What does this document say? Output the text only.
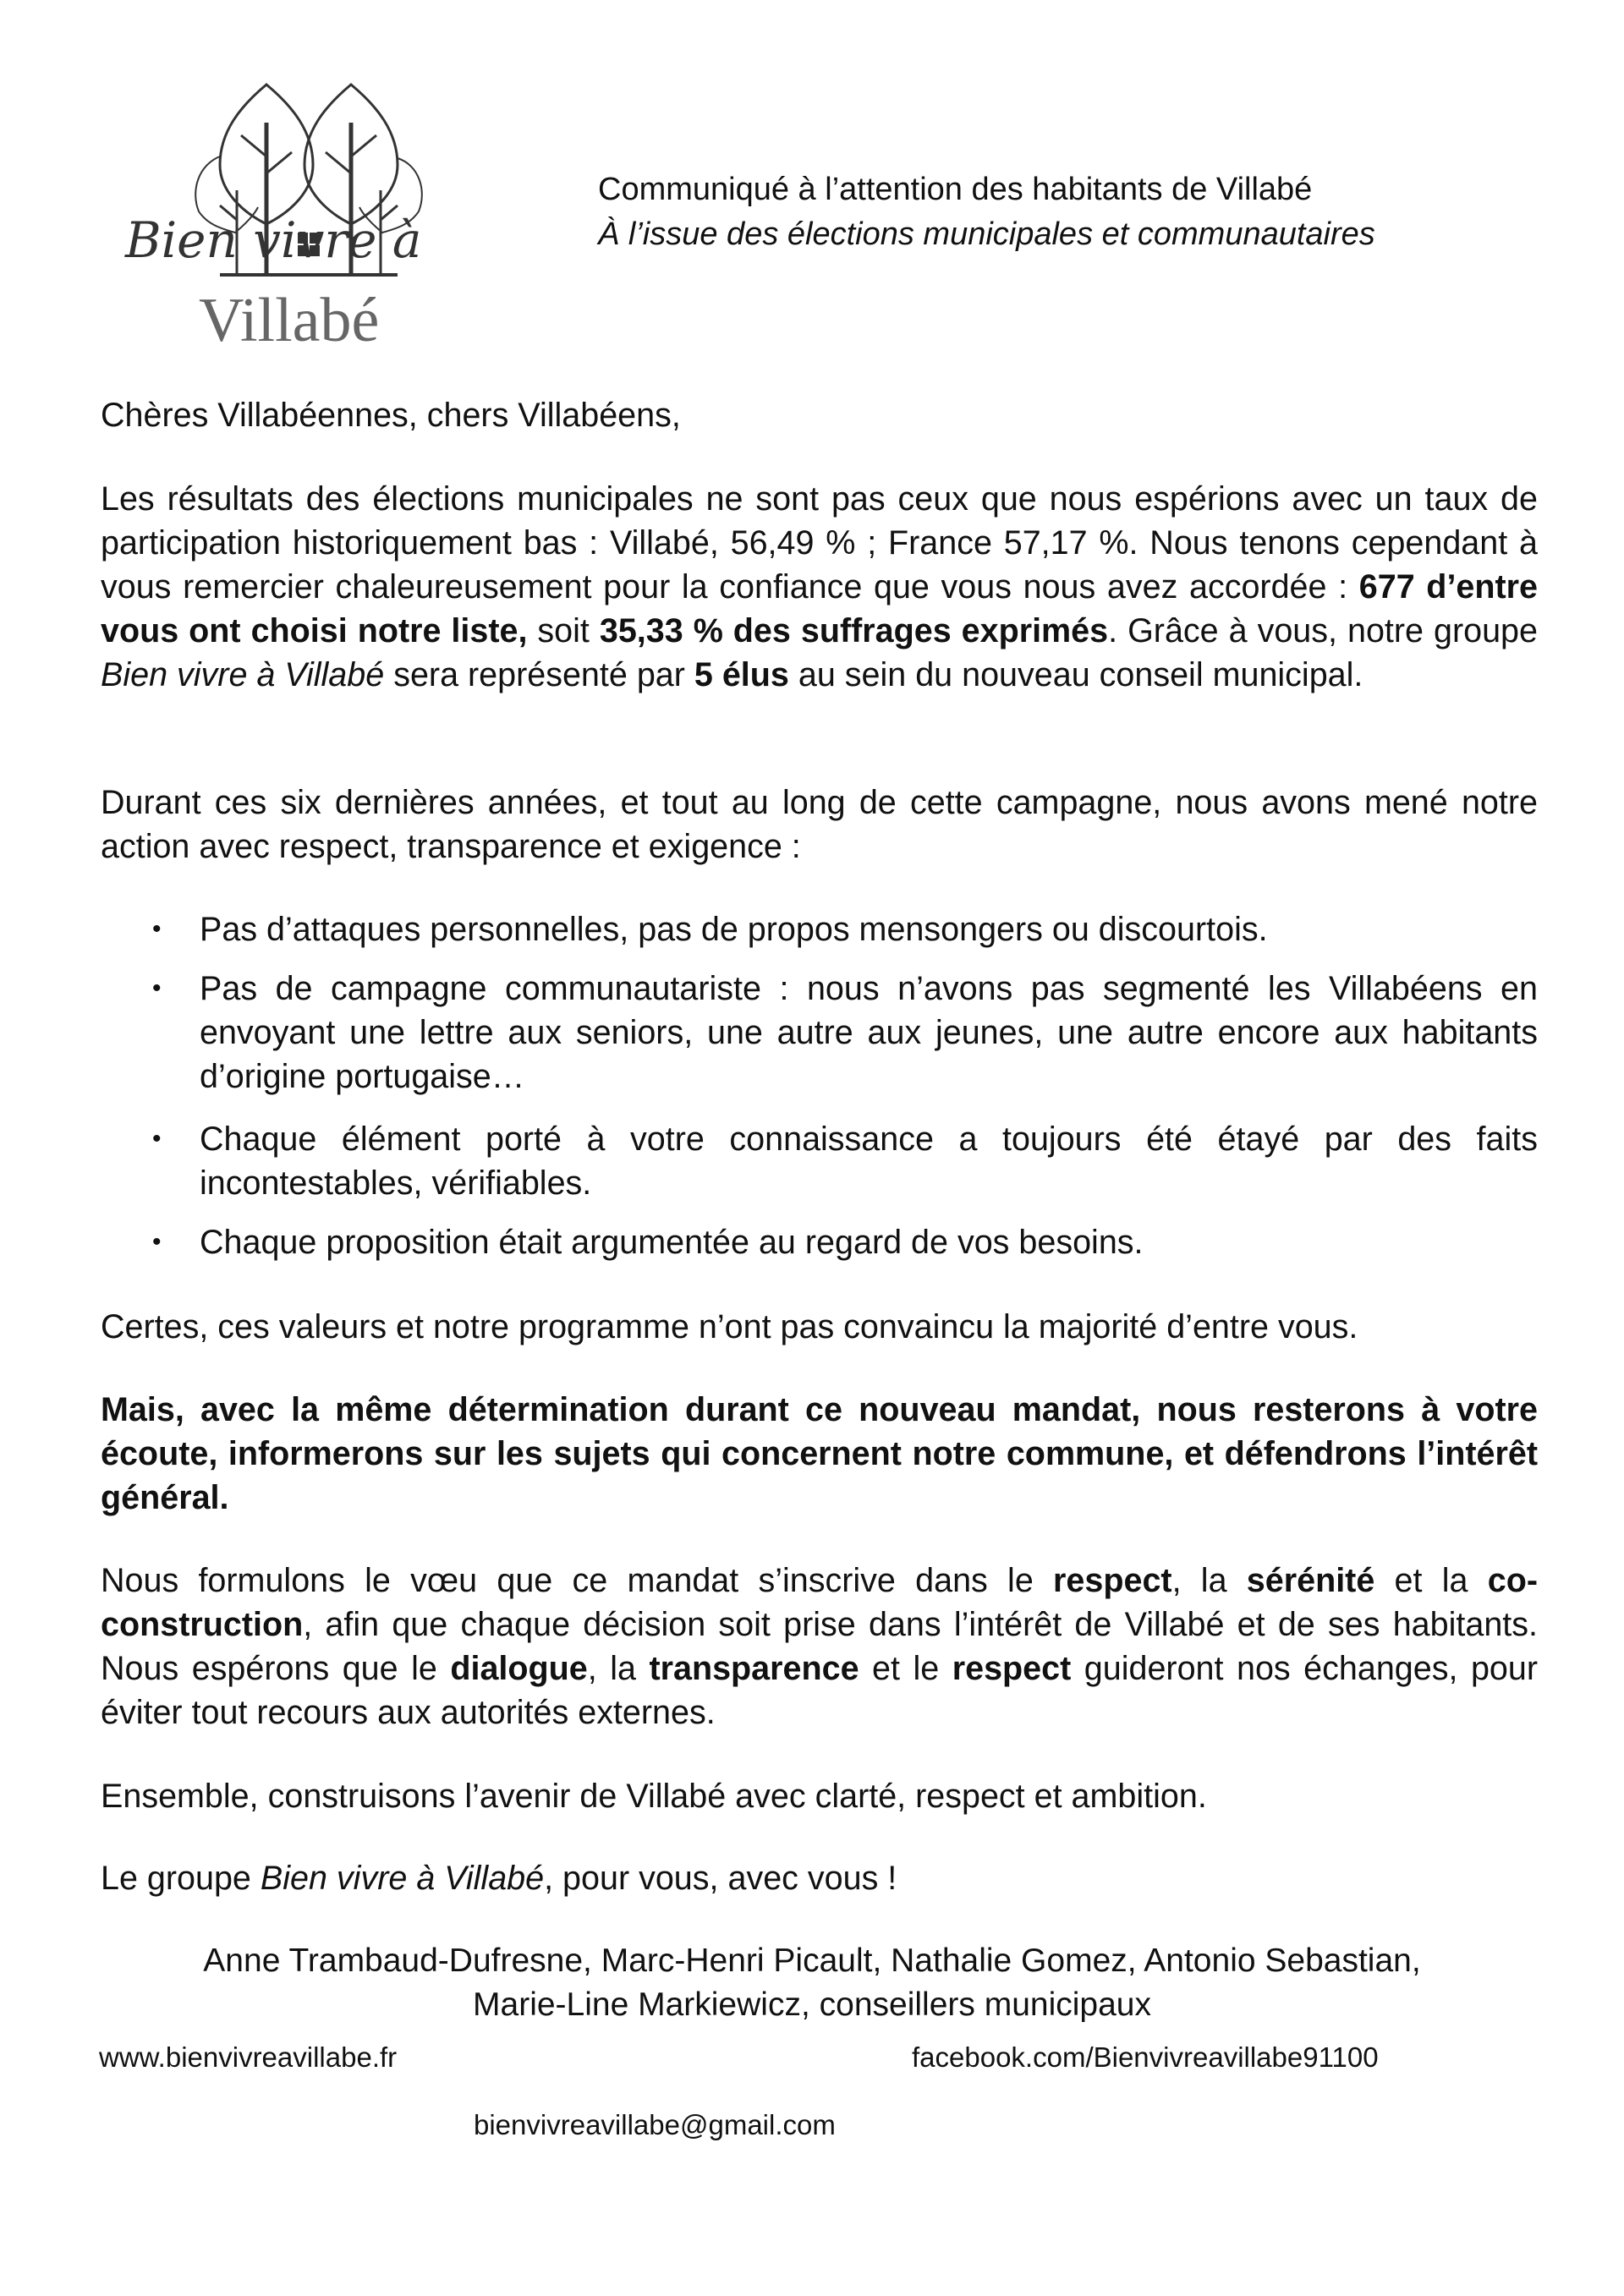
Bien vivre à
Villabé
Communiqué à l’attention des habitants de Villabé
À l’issue des élections municipales et communautaires

Chères Villabéennes, chers Villabéens,

Les résultats des élections municipales ne sont pas ceux que nous espérions avec un taux de participation historiquement bas : Villabé, 56,49 % ; France 57,17 %. Nous tenons cependant à vous remercier chaleureusement pour la confiance que vous nous avez accordée : 677 d’entre vous ont choisi notre liste, soit 35,33 % des suffrages exprimés. Grâce à vous, notre groupe Bien vivre à Villabé sera représenté par 5 élus au sein du nouveau conseil municipal.

Durant ces six dernières années, et tout au long de cette campagne, nous avons mené notre action avec respect, transparence et exigence :

• Pas d’attaques personnelles, pas de propos mensongers ou discourtois.
• Pas de campagne communautariste : nous n’avons pas segmenté les Villabéens en envoyant une lettre aux seniors, une autre aux jeunes, une autre encore aux habitants d’origine portugaise…
• Chaque élément porté à votre connaissance a toujours été étayé par des faits incontestables, vérifiables.
• Chaque proposition était argumentée au regard de vos besoins.

Certes, ces valeurs et notre programme n’ont pas convaincu la majorité d’entre vous.

Mais, avec la même détermination durant ce nouveau mandat, nous resterons à votre écoute, informerons sur les sujets qui concernent notre commune, et défendrons l’intérêt général.

Nous formulons le vœu que ce mandat s’inscrive dans le respect, la sérénité et la co-construction, afin que chaque décision soit prise dans l’intérêt de Villabé et de ses habitants. Nous espérons que le dialogue, la transparence et le respect guideront nos échanges, pour éviter tout recours aux autorités externes.

Ensemble, construisons l’avenir de Villabé avec clarté, respect et ambition.

Le groupe Bien vivre à Villabé, pour vous, avec vous !

Anne Trambaud-Dufresne, Marc-Henri Picault, Nathalie Gomez, Antonio Sebastian,
Marie-Line Markiewicz, conseillers municipaux
www.bienvivreavillabe.fr	facebook.com/Bienvivreavillabe91100
bienvivreavillabe@gmail.com
